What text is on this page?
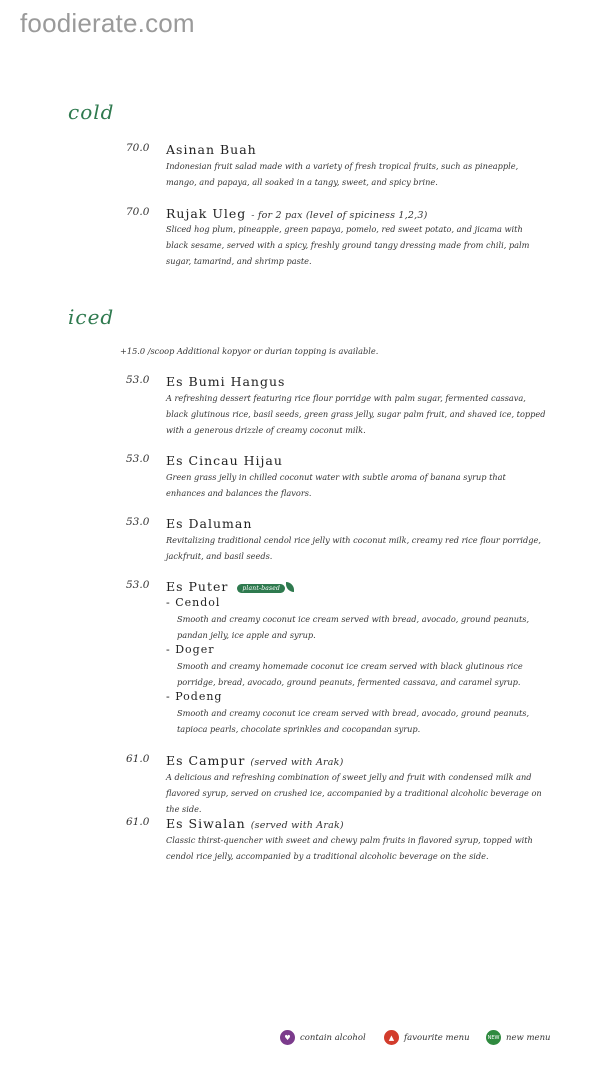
foodierate.com
cold
70.0	Asinan Buah
Indonesian fruit salad made with a variety of fresh tropical fruits, such as pineapple, mango, and papaya, all soaked in a tangy, sweet, and spicy brine.
70.0	Rujak Uleg - for 2 pax (level of spiciness 1,2,3)
Sliced hog plum, pineapple, green papaya, pomelo, red sweet potato, and jicama with black sesame, served with a spicy, freshly ground tangy dressing made from chili, palm sugar, tamarind, and shrimp paste.
iced
+15.0 /scoop Additional kopyor or durian topping is available.
53.0	Es Bumi Hangus
A refreshing dessert featuring rice flour porridge with palm sugar, fermented cassava, black glutinous rice, basil seeds, green grass jelly, sugar palm fruit, and shaved ice, topped with a generous drizzle of creamy coconut milk.
53.0	Es Cincau Hijau
Green grass jelly in chilled coconut water with subtle aroma of banana syrup that enhances and balances the flavors.
53.0	Es Daluman
Revitalizing traditional cendol rice jelly with coconut milk, creamy red rice flour porridge, jackfruit, and basil seeds.
53.0	Es Puter plant-based
- Cendol
Smooth and creamy coconut ice cream served with bread, avocado, ground peanuts, pandan jelly, ice apple and syrup.
- Doger
Smooth and creamy homemade coconut ice cream served with black glutinous rice porridge, bread, avocado, ground peanuts, fermented cassava, and caramel syrup.
- Podeng
Smooth and creamy coconut ice cream served with bread, avocado, ground peanuts, tapioca pearls, chocolate sprinkles and cocopandan syrup.
61.0	Es Campur (served with Arak)
A delicious and refreshing combination of sweet jelly and fruit with condensed milk and flavored syrup, served on crushed ice, accompanied by a traditional alcoholic beverage on the side.
61.0	Es Siwalan (served with Arak)
Classic thirst-quencher with sweet and chewy palm fruits in flavored syrup, topped with cendol rice jelly, accompanied by a traditional alcoholic beverage on the side.
♥	contain alcohol	▲	favourite menu	NEW new menu
